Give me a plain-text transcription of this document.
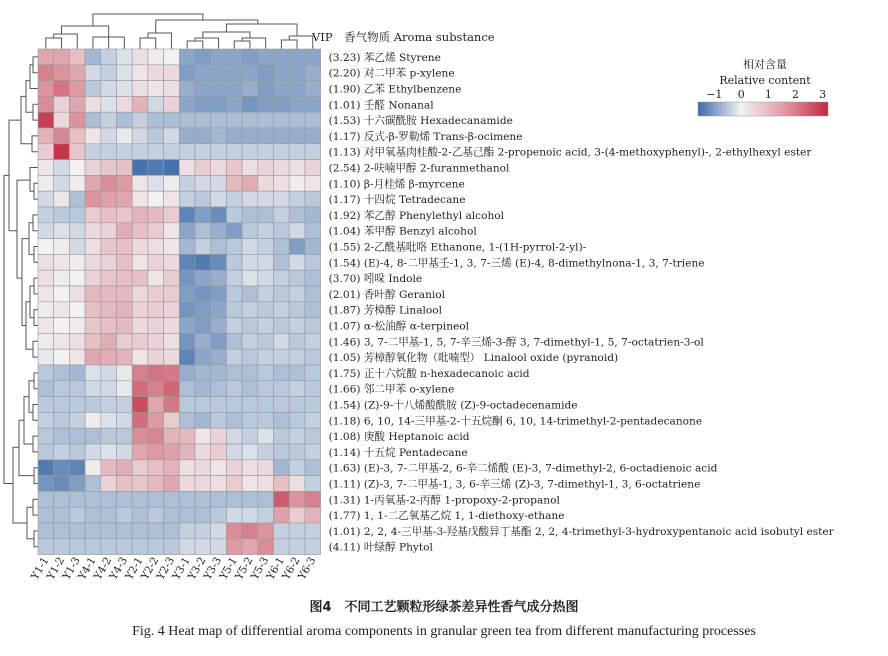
(3.23) 苯乙烯 Styrene
(2.20) 对二甲苯 p-xylene
(1.90) 乙苯 Ethylbenzene
(1.01) 壬醛 Nonanal
(1.53) 十六碳酰胺 Hexadecanamide
(1.17) 反式-β-罗勒烯 Trans-β-ocimene
(1.13) 对甲氧基肉桂酸-2-乙基己酯 2-propenoic acid, 3-(4-methoxyphenyl)-, 2-ethylhexyl ester
(2.54) 2-呋喃甲醇 2-furanmethanol
(1.10) β-月桂烯 β-myrcene
(1.17) 十四烷 Tetradecane
(1.92) 苯乙醇 Phenylethyl alcohol
(1.04) 苯甲醇 Benzyl alcohol
(1.55) 2-乙酰基吡咯 Ethanone, 1-(1H-pyrrol-2-yl)-
(1.54) (E)-4, 8-二甲基壬-1, 3, 7-三烯 (E)-4, 8-dimethylnona-1, 3, 7-triene
(3.70) 吲哚 Indole
(2.01) 香叶醇 Geraniol
(1.87) 芳樟醇 Linalool
(1.07) α-松油醇 α-terpineol
(1.46) 3, 7-二甲基-1, 5, 7-辛三烯-3-醇 3, 7-dimethyl-1, 5, 7-octatrien-3-ol
(1.05) 芳樟醇氧化物（吡喃型） Linalool oxide (pyranoid)
(1.75) 正十六烷酸 n-hexadecanoic acid
(1.66) 邻二甲苯 o-xylene
(1.54) (Z)-9-十八烯酸酰胺 (Z)-9-octadecenamide
(1.18) 6, 10, 14-三甲基-2-十五烷酮 6, 10, 14-trimethyl-2-pentadecanone
(1.08) 庚酸 Heptanoic acid
(1.14) 十五烷 Pentadecane
(1.63) (E)-3, 7-二甲基-2, 6-辛二烯酸 (E)-3, 7-dimethyl-2, 6-octadienoic acid
(1.11) (Z)-3, 7-二甲基-1, 3, 6-辛三烯 (Z)-3, 7-dimethyl-1, 3, 6-octatriene
(1.31) 1-丙氧基-2-丙醇 1-propoxy-2-propanol
(1.77) 1, 1-二乙氧基乙烷 1, 1-diethoxy-ethane
(1.01) 2, 2, 4-三甲基-3-羟基戊酸异丁基酯 2, 2, 4-trimethyl-3-hydroxypentanoic acid isobutyl ester
(4.11) 叶绿醇 Phytol
Y1-1
Y1-2
Y1-3
Y4-1
Y4-2
Y4-3
Y2-1
Y2-2
Y2-3
Y3-1
Y3-2
Y3-3
Y5-1
Y5-2
Y5-3
Y6-1
Y6-2
Y6-3
VIP　香气物质 Aroma substance
相对含量
Relative content
−1 0 1 2 3
图4　不同工艺颗粒形绿茶差异性香气成分热图
Fig. 4 Heat map of differential aroma components in granular green tea from different manufacturing processes
